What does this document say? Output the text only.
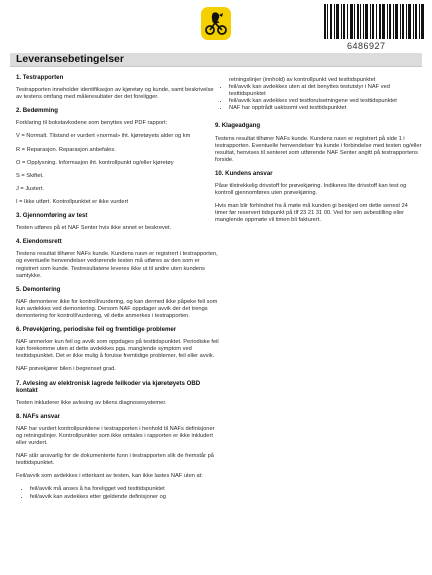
6486927
Leveransebetingelser
1. Testrapporten

Testrapporten inneholder identifikasjon av kjøretøy og kunde, samt beskrivelse av testens omfang med måleresultater der det foreligger.

2. Bedømming

Forklaring til bokstavkodene som benyttes ved PDF rapport:

V = Normalt. Tilstand er vurdert «normal» iht. kjøretøyets alder og km

R = Reparasjon. Reparasjon anbefales.

O = Opplysning. Informasjon iht. kontrollpunkt og/eller kjøretøy

S = Skiftet.

J = Justert.

I = Ikke utført. Kontrollpunktet er ikke vurdert

3. Gjennomføring av test

Testen utføres på et NAF Senter hvis ikke annet er beskrevet.

4. Eiendomsrett

Testens resultat tilhører NAFs kunde. Kundens navn er registrert i testrapporten, og eventuelle henvendelser vedrørende testen må utføres av den som er registrert som kunde. Testresultatene leveres ikke ut til andre uten kundens samtykke.

5. Demontering

NAF demonterer ikke for kontroll/vurdering, og kan dermed ikke påpeke feil som kun avdekkes ved demontering. Dersom NAF oppdager avvik der det trengs demontering for kontroll/vurdering, vil dette anmerkes i testrapporten.

6. Prøvekjøring, periodiske feil og fremtidige problemer

NAF anmerker kun feil og avvik som oppdages på testtidspunktet. Periodiske feil kan forekomme uten at dette avdekkes pga. manglende symptom ved testtidspunktet. Det er ikke mulig å forutse fremtidige problemer, feil eller avvik.

NAF prøvekjører bilen i begrenset grad.

7. Avlesing av elektronisk lagrede feilkoder via kjøretøyets OBD kontakt

Testen inkluderer ikke avlesing av bilens diagnosesystemer.

8. NAFs ansvar

NAF har vurdert kontrollpunktene i testrapporten i henhold til NAFs definisjoner og retningslinjer. Kontrollpunkter som ikke omtales i rapporten er ikke inkludert eller vurdert.

NAF står ansvarlig for de dokumenterte funn i testrapporten slik de fremstår på testtidspunktet.

Feil/avvik som avdekkes i etterkant av testen, kan ikke lastes NAF uten at:

• feil/avvik må anses å ha foreligget ved testtidspunktet
• feil/avvik kan avdekkes etter gjeldende definisjoner og
retningslinjer (innhold) av kontrollpunkt ved testtidspunktet
• feil/avvik kan avdekkes uten at det benyttes testutstyr i NAF ved testtidspunktet
• feil/avvik kan avdekkes ved testforutsetningene ved testtidspunktet
• NAF har opptrådt uaktsomt ved testtidspunktet
9. Klageadgang

Testens resultat tilhører NAFs kunde. Kundens navn er registrert på side 1 i testrapporten. Eventuelle henvendelser fra kunde i forbindelse med testen og/eller resultat, henvises til senteret som utførende NAF Senter angitt på testrapportens forside.

10. Kundens ansvar

Påse tilstrekkelig drivstoff for prøvekjøring. Indikeres lite drivstoff kan test og kontroll gjennomføres uten prøvekjøring.

Hvis man blir forhindret fra å møte må kunden gi beskjed om dette senest 24 timer før reservert tidspunkt på tlf 23 21 31 00. Ved for sen avbestilling eller manglende oppmøte vil timen bli fakturert.
